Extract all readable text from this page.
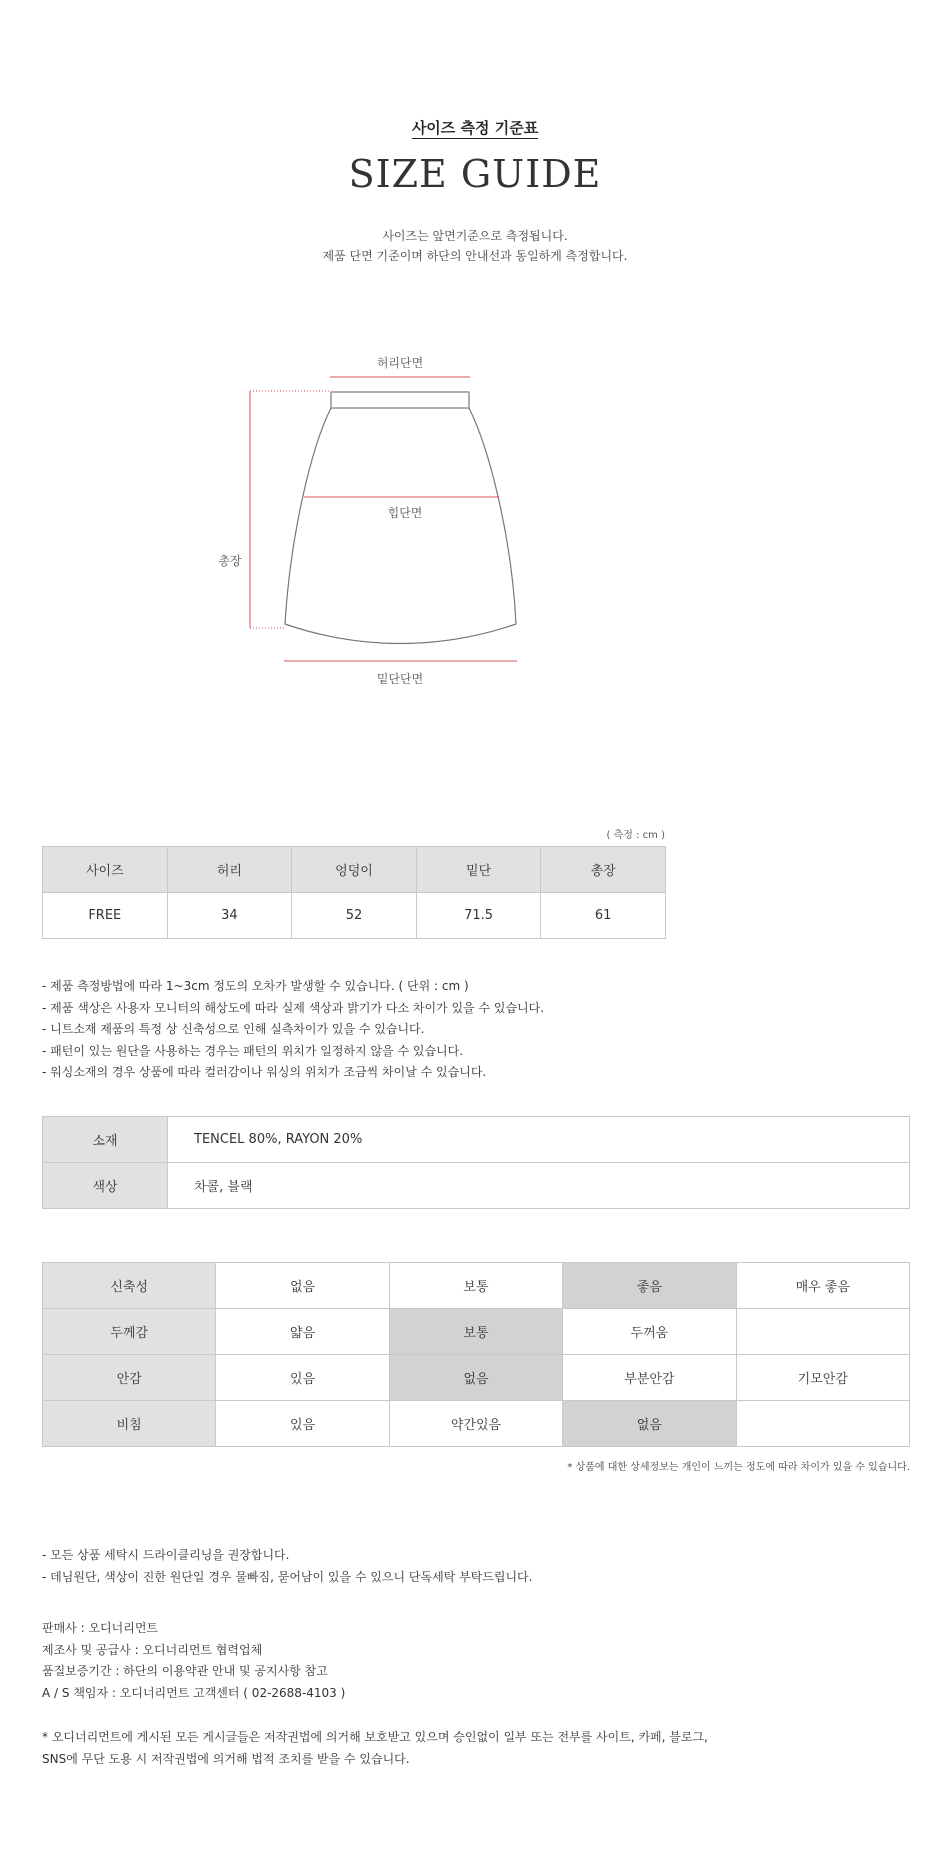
사이즈 측정 기준표
SIZE GUIDE
사이즈는 앞면기준으로 측정됩니다.
제품 단면 기준이며 하단의 안내선과 동일하게 측정합니다.
허리단면
힙단면
총장
밑단단면
( 측정 : cm )
사이즈	허리	엉덩이	밑단	총장
FREE	34	52	71.5	61
- 제품 측정방법에 따라 1~3cm 정도의 오차가 발생할 수 있습니다. ( 단위 : cm )
- 제품 색상은 사용자 모니터의 해상도에 따라 실제 색상과 밝기가 다소 차이가 있을 수 있습니다.
- 니트소재 제품의 특정 상 신축성으로 인해 실측차이가 있을 수 있습니다.
- 패턴이 있는 원단을 사용하는 경우는 패턴의 위치가 일정하지 않을 수 있습니다.
- 워싱소재의 경우 상품에 따라 컬러감이나 워싱의 위치가 조금씩 차이날 수 있습니다.
소재	TENCEL 80%, RAYON 20%
색상	차콜, 블랙
신축성	없음	보통	좋음	매우 좋음
두께감	얇음	보통	두꺼움	
안감	있음	없음	부분안감	기모안감
비침	있음	약간있음	없음	
* 상품에 대한 상세정보는 개인이 느끼는 정도에 따라 차이가 있을 수 있습니다.
- 모든 상품 세탁시 드라이클리닝을 권장합니다.
- 데님원단, 색상이 진한 원단일 경우 물빠짐, 묻어남이 있을 수 있으니 단독세탁 부탁드립니다.
판매사 : 오디너리먼트
제조사 및 공급사 : 오디너리먼트 협력업체
품질보증기간 : 하단의 이용약관 안내 및 공지사항 참고
A / S 책임자 : 오디너리먼트 고객센터 ( 02-2688-4103 )
* 오디너리먼트에 게시된 모든 게시글들은 저작권법에 의거해 보호받고 있으며 승인없이 일부 또는 전부를 사이트, 카페, 블로그,
SNS에 무단 도용 시 저작권법에 의거해 법적 조치를 받을 수 있습니다.
